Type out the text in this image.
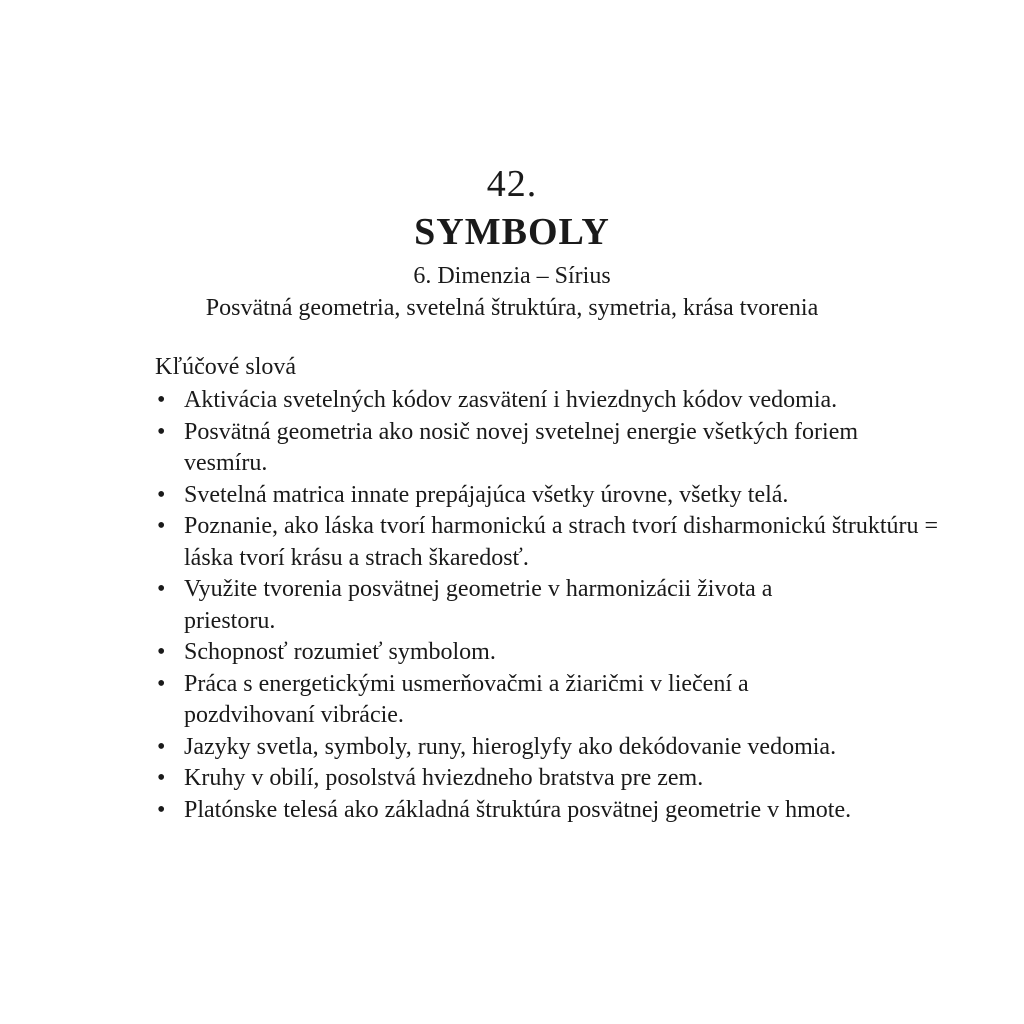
42.
SYMBOLY
6. Dimenzia – Sírius
Posvätná geometria, svetelná štruktúra, symetria, krása tvorenia
Kľúčové slová
• Aktivácia svetelných kódov zasvätení i hviezdnych kódov vedomia.
• Posvätná geometria ako nosič novej svetelnej energie všetkých foriem vesmíru.
• Svetelná matrica innate prepájajúca všetky úrovne, všetky telá.
• Poznanie, ako láska tvorí harmonickú a strach tvorí disharmonickú štruktúru = láska tvorí krásu a strach škaredosť.
• Využite tvorenia posvätnej geometrie v harmonizácii života a priestoru.
• Schopnosť rozumieť symbolom.
• Práca s energetickými usmerňovačmi a žiaričmi v liečení a pozdvihovaní vibrácie.
• Jazyky svetla, symboly, runy, hieroglyfy ako dekódovanie vedomia.
• Kruhy v obilí, posolstvá hviezdneho bratstva pre zem.
• Platónske telesá ako základná štruktúra posvätnej geometrie v hmote.
